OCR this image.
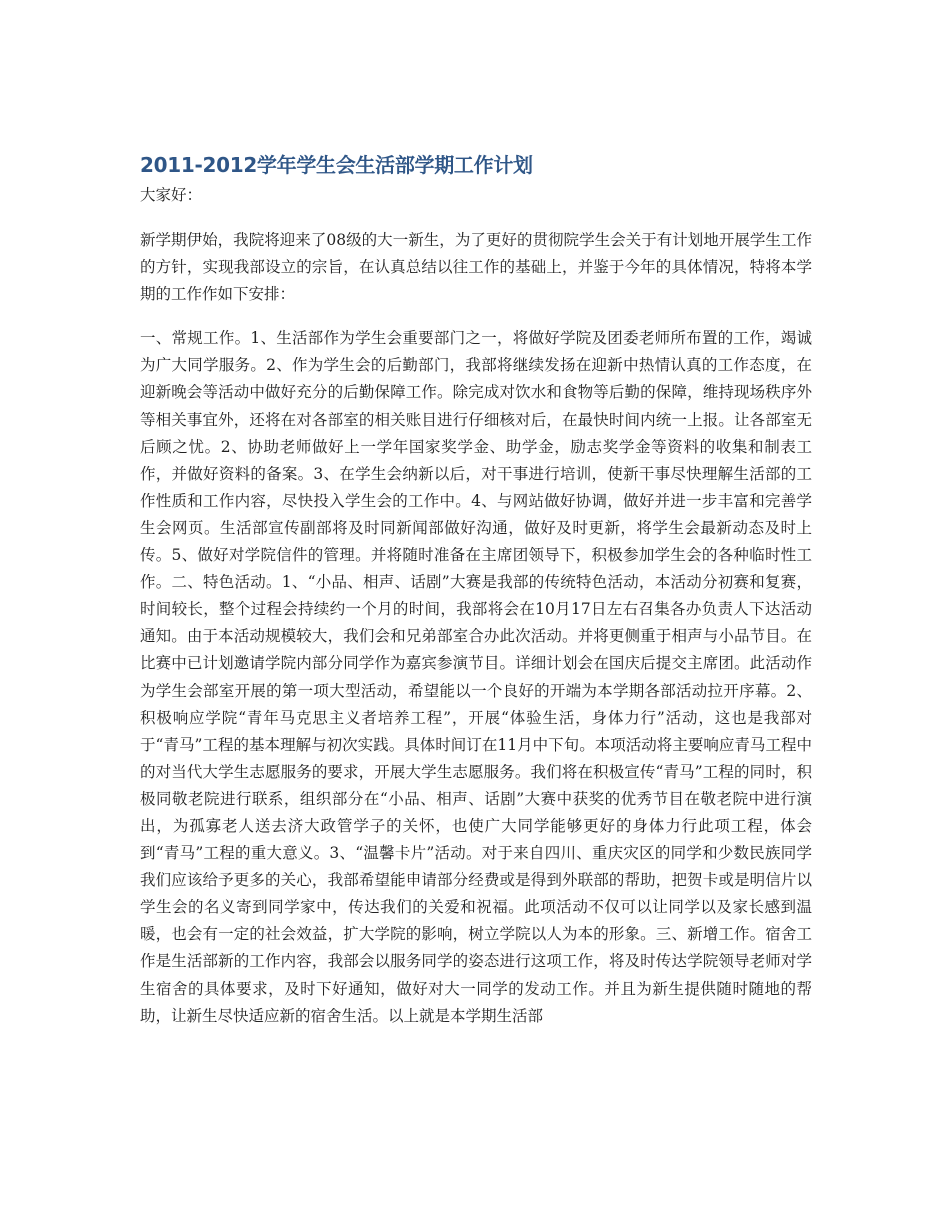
2011-2012学年学生会生活部学期工作计划

大家好：

新学期伊始，我院将迎来了08级的大一新生，为了更好的贯彻院学生会关于有计划地开展学生工作的方针，实现我部设立的宗旨，在认真总结以往工作的基础上，并鉴于今年的具体情况，特将本学期的工作作如下安排：

一、常规工作。1、生活部作为学生会重要部门之一，将做好学院及团委老师所布置的工作，竭诚为广大同学服务。2、作为学生会的后勤部门，我部将继续发扬在迎新中热情认真的工作态度，在迎新晚会等活动中做好充分的后勤保障工作。除完成对饮水和食物等后勤的保障，维持现场秩序外等相关事宜外，还将在对各部室的相关账目进行仔细核对后，在最快时间内统一上报。让各部室无后顾之忧。2、协助老师做好上一学年国家奖学金、助学金，励志奖学金等资料的收集和制表工作，并做好资料的备案。3、在学生会纳新以后，对干事进行培训，使新干事尽快理解生活部的工作性质和工作内容，尽快投入学生会的工作中。4、与网站做好协调，做好并进一步丰富和完善学生会网页。生活部宣传副部将及时同新闻部做好沟通，做好及时更新，将学生会最新动态及时上传。5、做好对学院信件的管理。并将随时准备在主席团领导下，积极参加学生会的各种临时性工作。二、特色活动。1、“小品、相声、话剧”大赛是我部的传统特色活动，本活动分初赛和复赛，时间较长，整个过程会持续约一个月的时间，我部将会在10月17日左右召集各办负责人下达活动通知。由于本活动规模较大，我们会和兄弟部室合办此次活动。并将更侧重于相声与小品节目。在比赛中已计划邀请学院内部分同学作为嘉宾参演节目。详细计划会在国庆后提交主席团。此活动作为学生会部室开展的第一项大型活动，希望能以一个良好的开端为本学期各部活动拉开序幕。2、积极响应学院“青年马克思主义者培养工程”，开展“体验生活，身体力行”活动，这也是我部对于“青马”工程的基本理解与初次实践。具体时间订在11月中下旬。本项活动将主要响应青马工程中的对当代大学生志愿服务的要求，开展大学生志愿服务。我们将在积极宣传“青马”工程的同时，积极同敬老院进行联系，组织部分在“小品、相声、话剧”大赛中获奖的优秀节目在敬老院中进行演出，为孤寡老人送去济大政管学子的关怀，也使广大同学能够更好的身体力行此项工程，体会到“青马”工程的重大意义。3、“温馨卡片”活动。对于来自四川、重庆灾区的同学和少数民族同学我们应该给予更多的关心，我部希望能申请部分经费或是得到外联部的帮助，把贺卡或是明信片以学生会的名义寄到同学家中，传达我们的关爱和祝福。此项活动不仅可以让同学以及家长感到温暖，也会有一定的社会效益，扩大学院的影响，树立学院以人为本的形象。三、新增工作。宿舍工作是生活部新的工作内容，我部会以服务同学的姿态进行这项工作，将及时传达学院领导老师对学生宿舍的具体要求，及时下好通知，做好对大一同学的发动工作。并且为新生提供随时随地的帮助，让新生尽快适应新的宿舍生活。以上就是本学期生活部
